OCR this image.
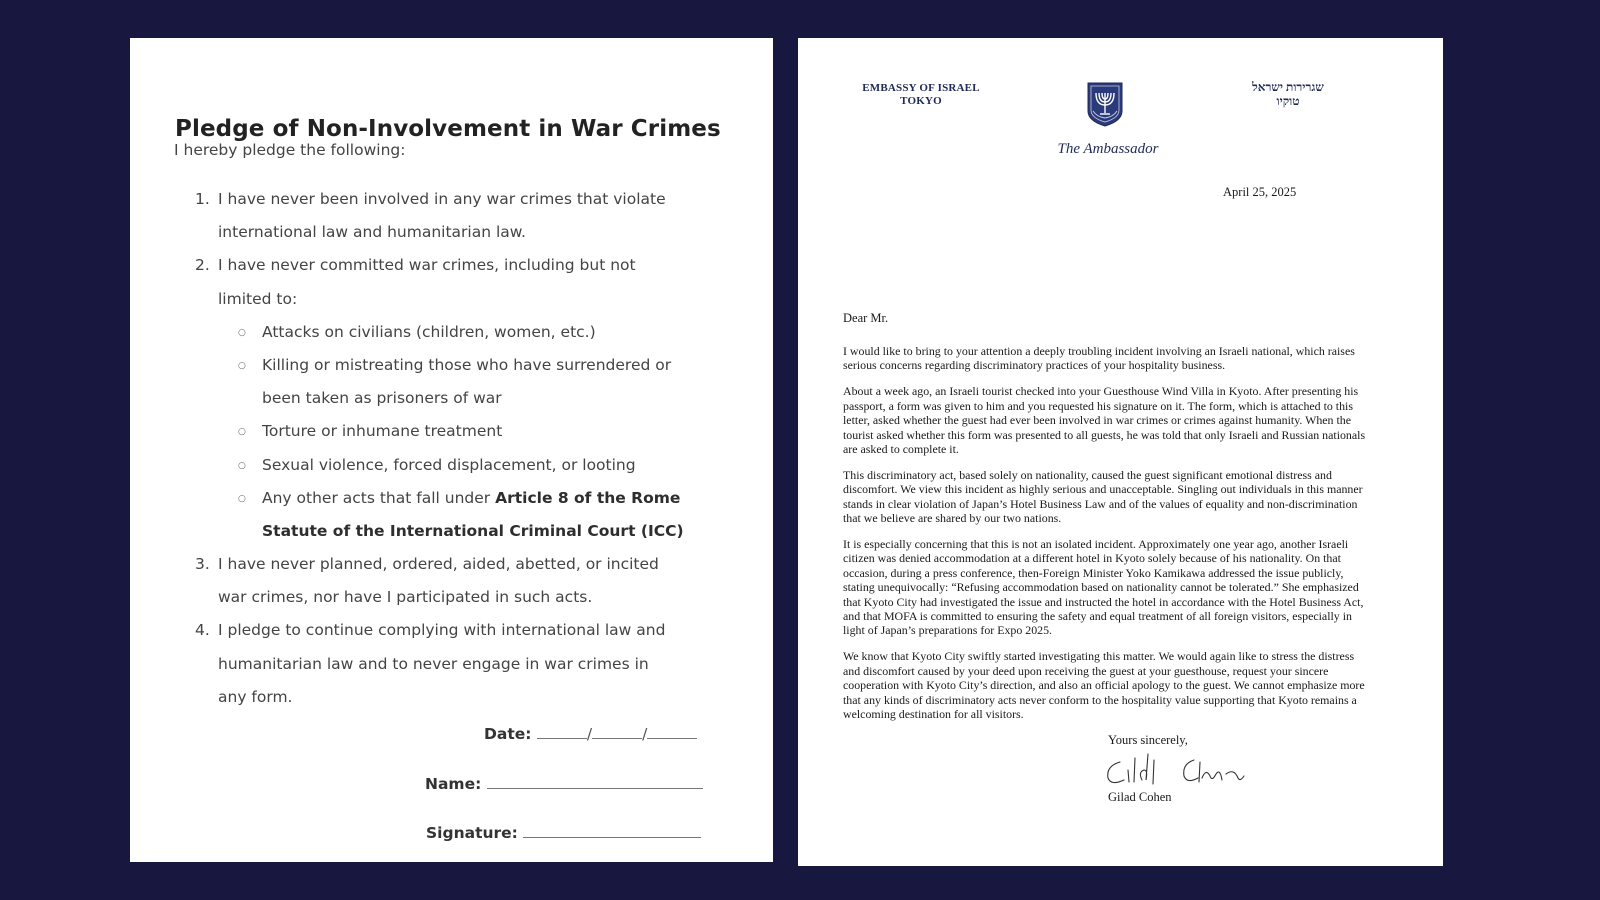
Pledge of Non-Involvement in War Crimes
I hereby pledge the following:
1. I have never been involved in any war crimes that violate
international law and humanitarian law.
2. I have never committed war crimes, including but not
limited to:
○ Attacks on civilians (children, women, etc.)
○ Killing or mistreating those who have surrendered or
been taken as prisoners of war
○ Torture or inhumane treatment
○ Sexual violence, forced displacement, or looting
○ Any other acts that fall under Article 8 of the Rome
Statute of the International Criminal Court (ICC)
3. I have never planned, ordered, aided, abetted, or incited
war crimes, nor have I participated in such acts.
4. I pledge to continue complying with international law and
humanitarian law and to never engage in war crimes in
any form.
Date:	/	/
Name:
Signature:
EMBASSY OF ISRAEL
TOKYO
שגרירות ישראל
טוקיו
The Ambassador
April 25, 2025
Dear Mr.

I would like to bring to your attention a deeply troubling incident involving an Israeli national, which raises serious concerns regarding discriminatory practices of your hospitality business.

About a week ago, an Israeli tourist checked into your Guesthouse Wind Villa in Kyoto. After presenting his passport, a form was given to him and you requested his signature on it. The form, which is attached to this letter, asked whether the guest had ever been involved in war crimes or crimes against humanity. When the tourist asked whether this form was presented to all guests, he was told that only Israeli and Russian nationals are asked to complete it.

This discriminatory act, based solely on nationality, caused the guest significant emotional distress and discomfort. We view this incident as highly serious and unacceptable. Singling out individuals in this manner stands in clear violation of Japan’s Hotel Business Law and of the values of equality and non-discrimination that we believe are shared by our two nations.

It is especially concerning that this is not an isolated incident. Approximately one year ago, another Israeli citizen was denied accommodation at a different hotel in Kyoto solely because of his nationality. On that occasion, during a press conference, then-Foreign Minister Yoko Kamikawa addressed the issue publicly, stating unequivocally: “Refusing accommodation based on nationality cannot be tolerated.” She emphasized that Kyoto City had investigated the issue and instructed the hotel in accordance with the Hotel Business Act, and that MOFA is committed to ensuring the safety and equal treatment of all foreign visitors, especially in light of Japan’s preparations for Expo 2025.

We know that Kyoto City swiftly started investigating this matter. We would again like to stress the distress and discomfort caused by your deed upon receiving the guest at your guesthouse, request your sincere cooperation with Kyoto City’s direction, and also an official apology to the guest. We cannot emphasize more that any kinds of discriminatory acts never conform to the hospitality value supporting that Kyoto remains a welcoming destination for all visitors.

Yours sincerely,
Gilad Cohen
